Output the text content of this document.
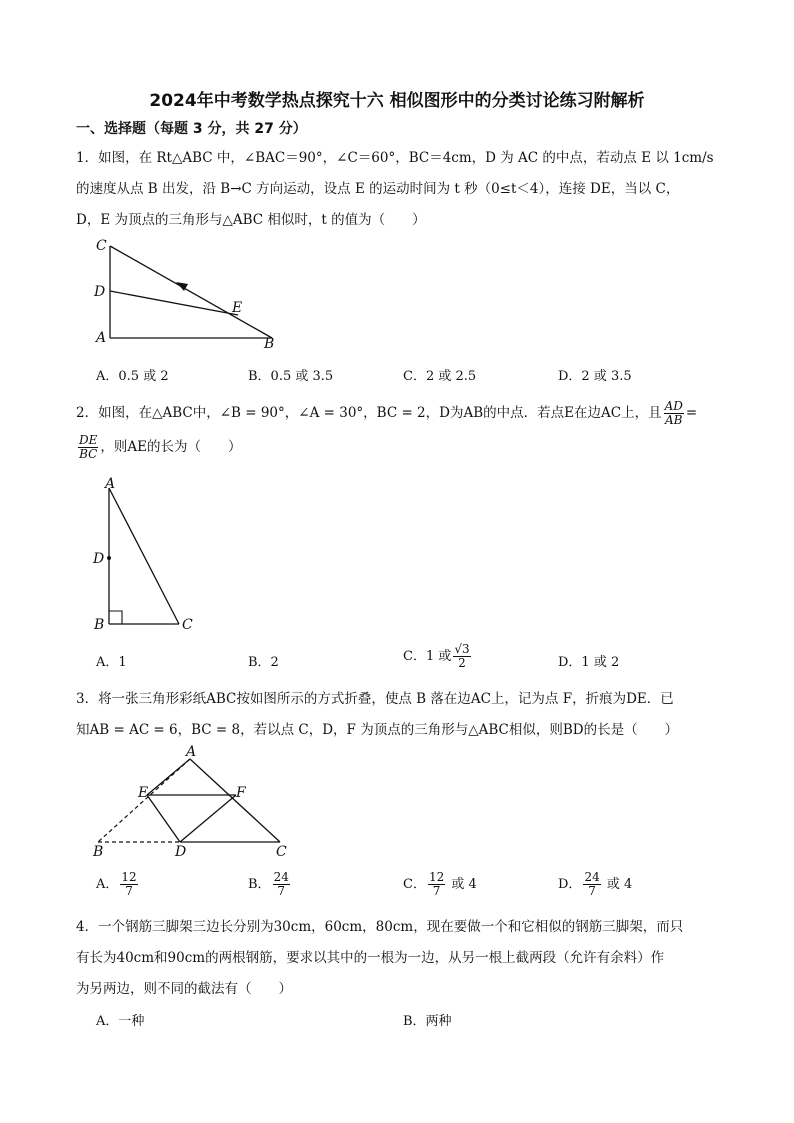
2024年中考数学热点探究十六 相似图形中的分类讨论练习附解析
一、选择题（每题 3 分，共 27 分）
1．如图，在 Rt△ABC 中，∠BAC＝90°，∠C＝60°，BC＝4cm，D 为 AC 的中点，若动点 E 以 1cm/s
的速度从点 B 出发，沿 B→C 方向运动，设点 E 的运动时间为 t 秒（0≤t＜4），连接 DE，当以 C，
D，E 为顶点的三角形与△ABC 相似时，t 的值为（　　）
C
D
E
A	B
A．0.5 或 2	B．0.5 或 3.5	C．2 或 2.5	D．2 或 3.5
2．如图，在△ABC中，∠B = 90°，∠A = 30°，BC = 2，D为AB的中点．若点E在边AC上，且 $\frac{AD}{AB}$ =
$\frac{DE}{BC}$ ，则AE的长为（　　）
A
D
B	C
A．1	B．2	C．1 或 $\frac{√3}{2}$	D．1 或 2
3．将一张三角形彩纸ABC按如图所示的方式折叠，使点 B 落在边AC上，记为点 F，折痕为DE．已
知AB = AC = 6，BC = 8，若以点 C，D，F 为顶点的三角形与△ABC相似，则BD的长是（　　）
A
E	F
B	D	C
A． $\frac{12}{7}$	B． $\frac{24}{7}$	C． $\frac{12}{7}$ 或 4	D． $\frac{24}{7}$ 或 4
4．一个钢筋三脚架三边长分别为30cm，60cm，80cm，现在要做一个和它相似的钢筋三脚架，而只
有长为40cm和90cm的两根钢筋，要求以其中的一根为一边，从另一根上截两段（允许有余料）作
为另两边，则不同的截法有（　　）
A．一种	B．两种
